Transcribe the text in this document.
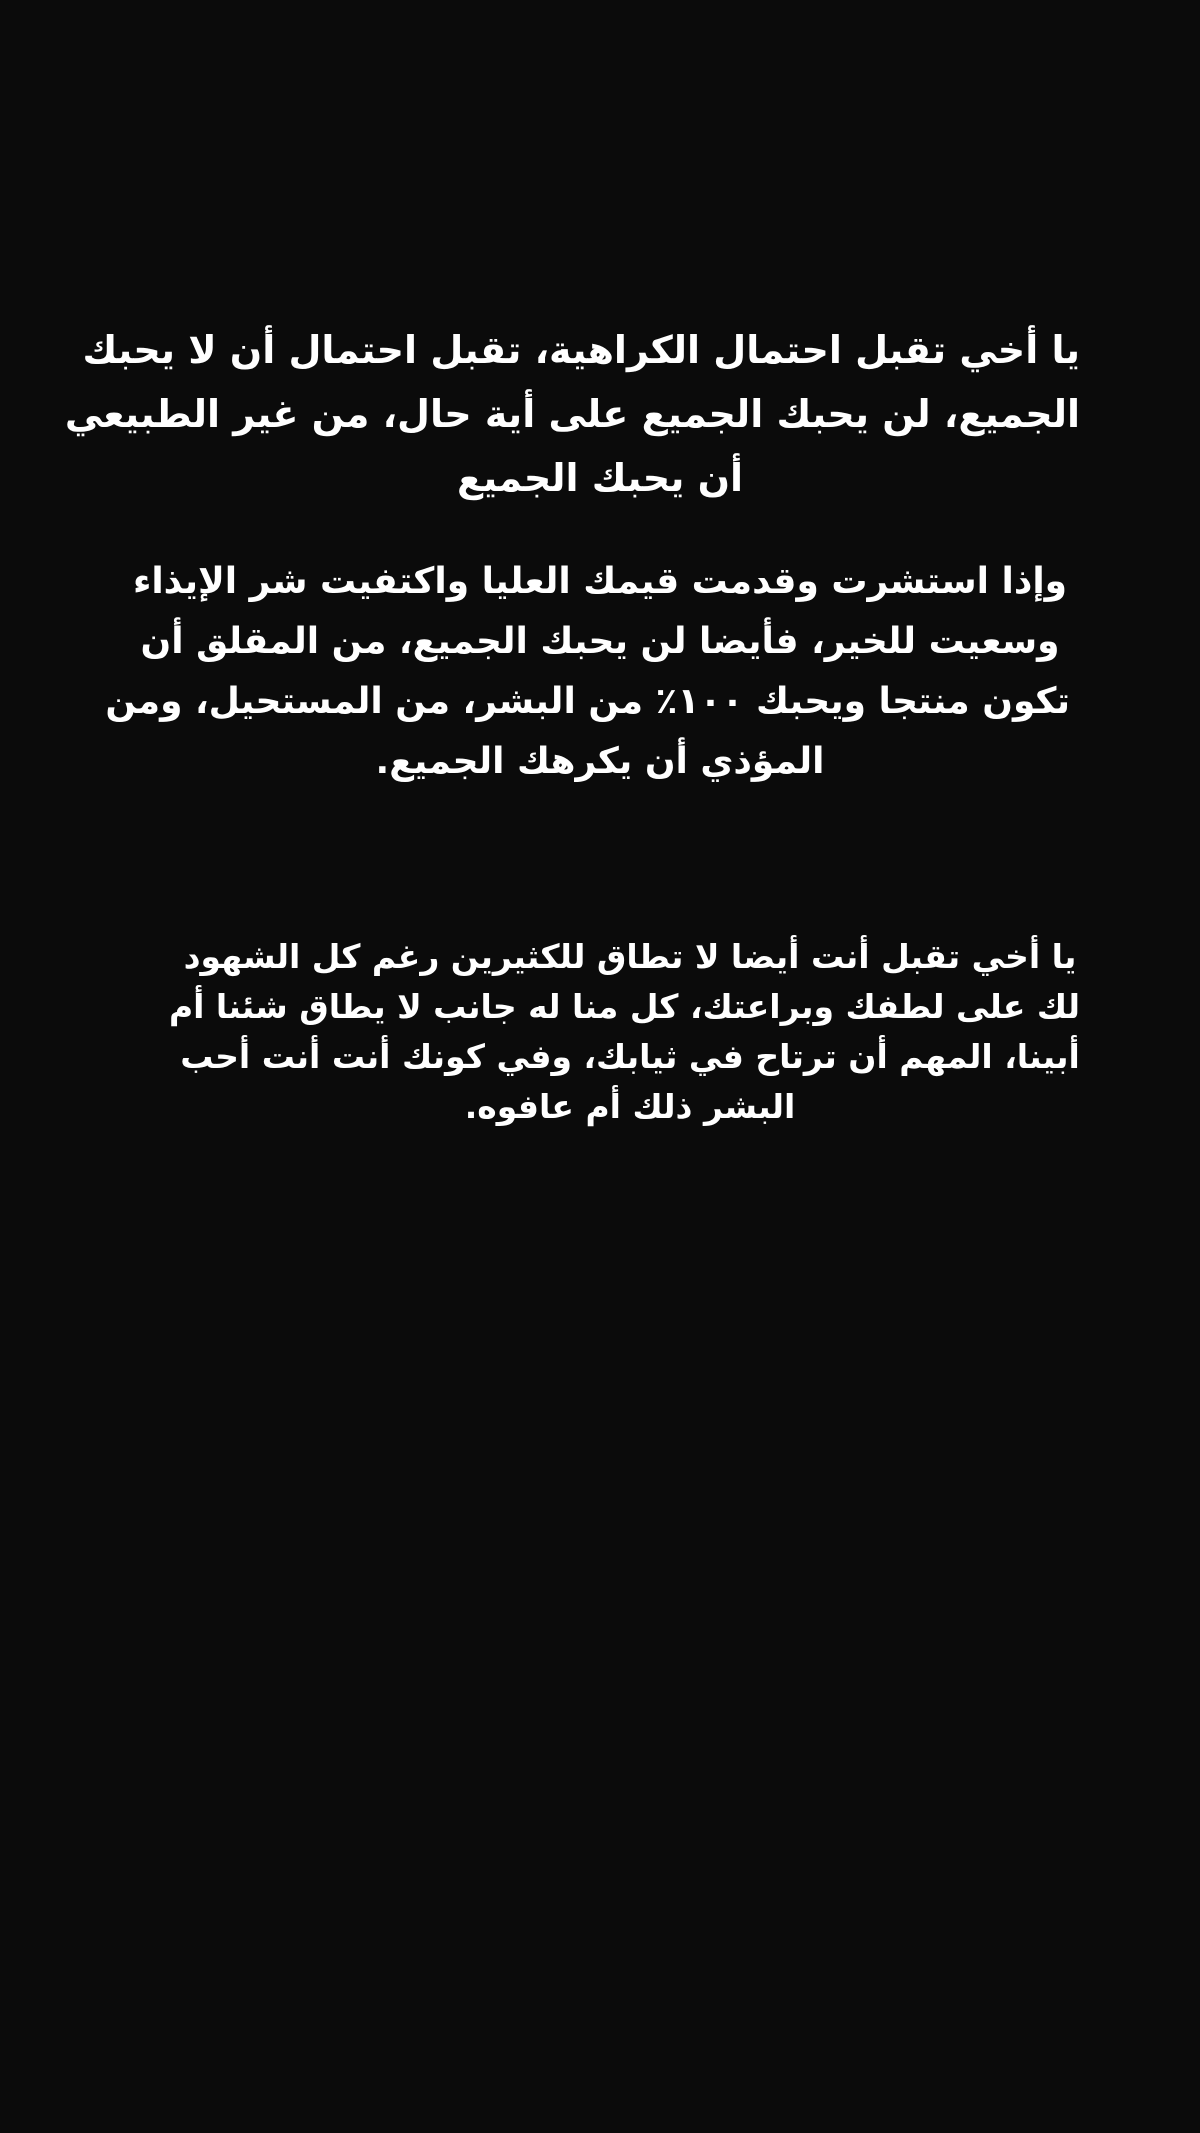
يا أخي تقبل احتمال الكراهية، تقبل احتمال أن لا يحبك
الجميع، لن يحبك الجميع على أية حال، من غير الطبيعي
أن يحبك الجميع

وإذا استشرت وقدمت قيمك العليا واكتفيت شر الإيذاء
وسعيت للخير، فأيضا لن يحبك الجميع، من المقلق أن
تكون منتجا ويحبك ١٠٠٪ من البشر، من المستحيل، ومن
المؤذي أن يكرهك الجميع.

يا أخي تقبل أنت أيضا لا تطاق للكثيرين رغم كل الشهود
لك على لطفك وبراعتك، كل منا له جانب لا يطاق شئنا أم
أبينا، المهم أن ترتاح في ثيابك، وفي كونك أنت أنت أحب
البشر ذلك أم عافوه.
